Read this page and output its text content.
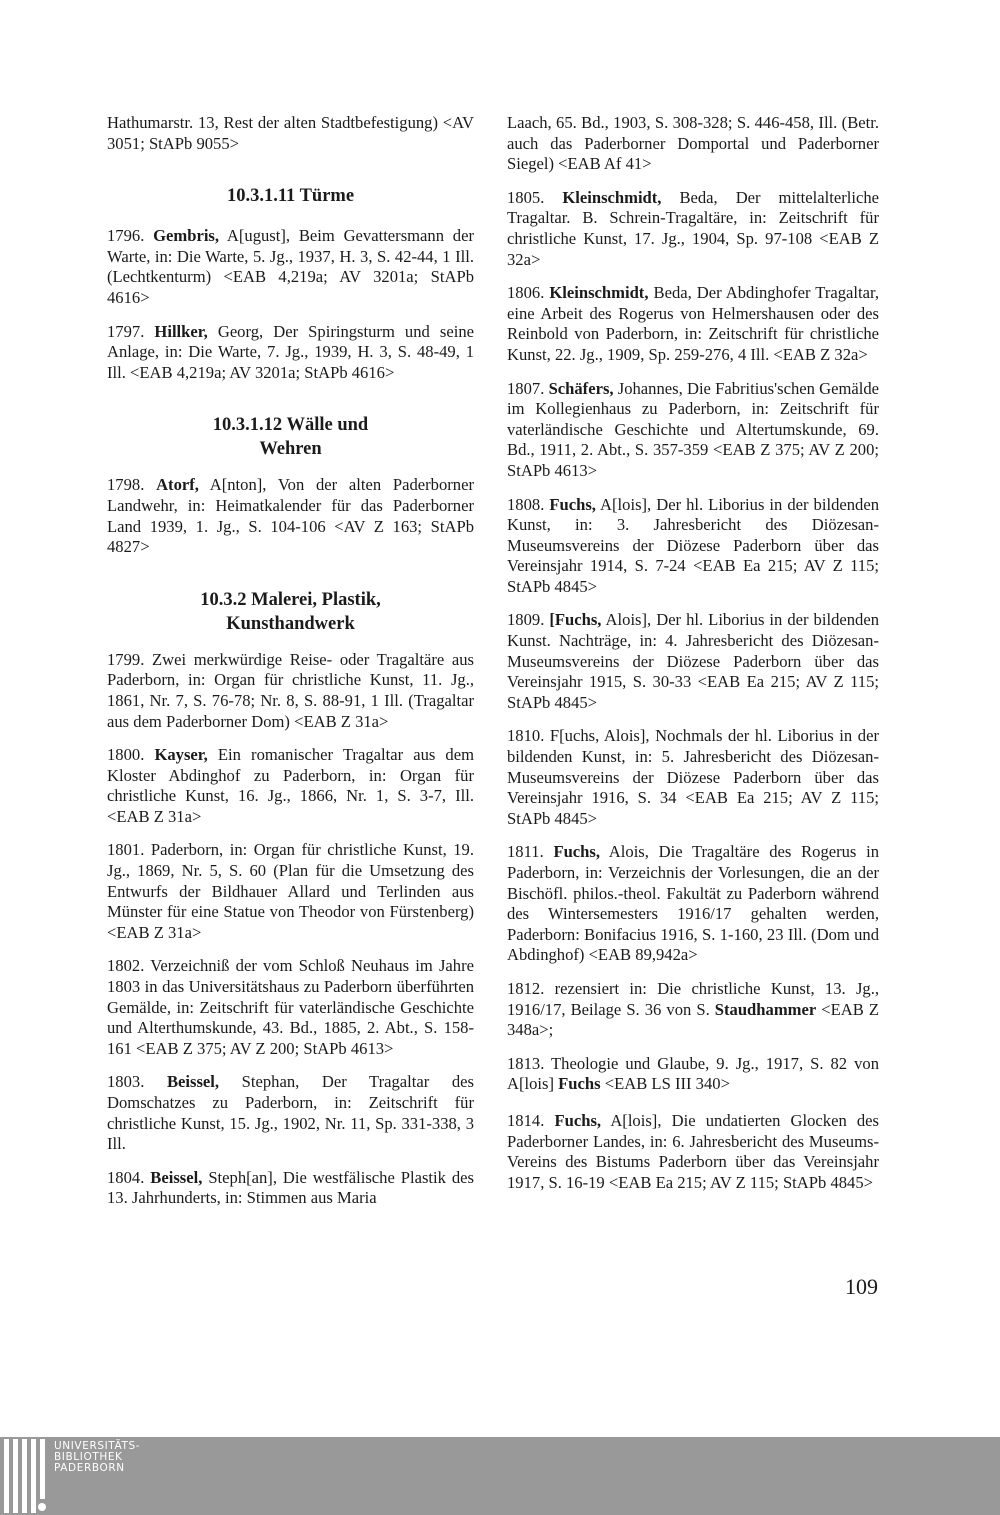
Hathumarstr. 13, Rest der alten Stadtbefestigung) <AV 3051; StAPb 9055>

10.3.1.11 Türme

1796. Gembris, A[ugust], Beim Gevattersmann der Warte, in: Die Warte, 5. Jg., 1937, H. 3, S. 42-44, 1 Ill. (Lechtkenturm) <EAB 4,219a; AV 3201a; StAPb 4616>

1797. Hillker, Georg, Der Spiringsturm und seine Anlage, in: Die Warte, 7. Jg., 1939, H. 3, S. 48-49, 1 Ill. <EAB 4,219a; AV 3201a; StAPb 4616>

10.3.1.12 Wälle und
Wehren

1798. Atorf, A[nton], Von der alten Paderborner Landwehr, in: Heimatkalender für das Paderborner Land 1939, 1. Jg., S. 104-106 <AV Z 163; StAPb 4827>

10.3.2 Malerei, Plastik,
Kunsthandwerk

1799. Zwei merkwürdige Reise- oder Tragaltäre aus Paderborn, in: Organ für christliche Kunst, 11. Jg., 1861, Nr. 7, S. 76-78; Nr. 8, S. 88-91, 1 Ill. (Tragaltar aus dem Paderborner Dom) <EAB Z 31a>

1800. Kayser, Ein romanischer Tragaltar aus dem Kloster Abdinghof zu Paderborn, in: Organ für christliche Kunst, 16. Jg., 1866, Nr. 1, S. 3-7, Ill. <EAB Z 31a>

1801. Paderborn, in: Organ für christliche Kunst, 19. Jg., 1869, Nr. 5, S. 60 (Plan für die Umsetzung des Entwurfs der Bildhauer Allard und Terlinden aus Münster für eine Statue von Theodor von Fürstenberg) <EAB Z 31a>

1802. Verzeichniß der vom Schloß Neuhaus im Jahre 1803 in das Universitätshaus zu Paderborn überführten Gemälde, in: Zeitschrift für vaterländische Geschichte und Alterthumskunde, 43. Bd., 1885, 2. Abt., S. 158-161 <EAB Z 375; AV Z 200; StAPb 4613>

1803. Beissel, Stephan, Der Tragaltar des Domschatzes zu Paderborn, in: Zeitschrift für christliche Kunst, 15. Jg., 1902, Nr. 11, Sp. 331-338, 3 Ill.

1804. Beissel, Steph[an], Die westfälische Plastik des 13. Jahrhunderts, in: Stimmen aus Maria

Laach, 65. Bd., 1903, S. 308-328; S. 446-458, Ill. (Betr. auch das Paderborner Domportal und Paderborner Siegel) <EAB Af 41>

1805. Kleinschmidt, Beda, Der mittelalterliche Tragaltar. B. Schrein-Tragaltäre, in: Zeitschrift für christliche Kunst, 17. Jg., 1904, Sp. 97-108 <EAB Z 32a>

1806. Kleinschmidt, Beda, Der Abdinghofer Tragaltar, eine Arbeit des Rogerus von Helmershausen oder des Reinbold von Paderborn, in: Zeitschrift für christliche Kunst, 22. Jg., 1909, Sp. 259-276, 4 Ill. <EAB Z 32a>

1807. Schäfers, Johannes, Die Fabritius'schen Gemälde im Kollegienhaus zu Paderborn, in: Zeitschrift für vaterländische Geschichte und Altertumskunde, 69. Bd., 1911, 2. Abt., S. 357-359 <EAB Z 375; AV Z 200; StAPb 4613>

1808. Fuchs, A[lois], Der hl. Liborius in der bildenden Kunst, in: 3. Jahresbericht des Diözesan-Museumsvereins der Diözese Paderborn über das Vereinsjahr 1914, S. 7-24 <EAB Ea 215; AV Z 115; StAPb 4845>

1809. [Fuchs, Alois], Der hl. Liborius in der bildenden Kunst. Nachträge, in: 4. Jahresbericht des Diözesan-Museumsvereins der Diözese Paderborn über das Vereinsjahr 1915, S. 30-33 <EAB Ea 215; AV Z 115; StAPb 4845>

1810. F[uchs, Alois], Nochmals der hl. Liborius in der bildenden Kunst, in: 5. Jahresbericht des Diözesan-Museumsvereins der Diözese Paderborn über das Vereinsjahr 1916, S. 34 <EAB Ea 215; AV Z 115; StAPb 4845>

1811. Fuchs, Alois, Die Tragaltäre des Rogerus in Paderborn, in: Verzeichnis der Vorlesungen, die an der Bischöfl. philos.-theol. Fakultät zu Paderborn während des Wintersemesters 1916/17 gehalten werden, Paderborn: Bonifacius 1916, S. 1-160, 23 Ill. (Dom und Abdinghof) <EAB 89,942a>

1812. rezensiert in: Die christliche Kunst, 13. Jg., 1916/17, Beilage S. 36 von S. Staudhammer <EAB Z 348a>;

1813. Theologie und Glaube, 9. Jg., 1917, S. 82 von A[lois] Fuchs <EAB LS III 340>

1814. Fuchs, A[lois], Die undatierten Glocken des Paderborner Landes, in: 6. Jahresbericht des Museums-Vereins des Bistums Paderborn über das Vereinsjahr 1917, S. 16-19 <EAB Ea 215; AV Z 115; StAPb 4845>

109
UNIVERSITÄTS-
BIBLIOTHEK
PADERBORN
